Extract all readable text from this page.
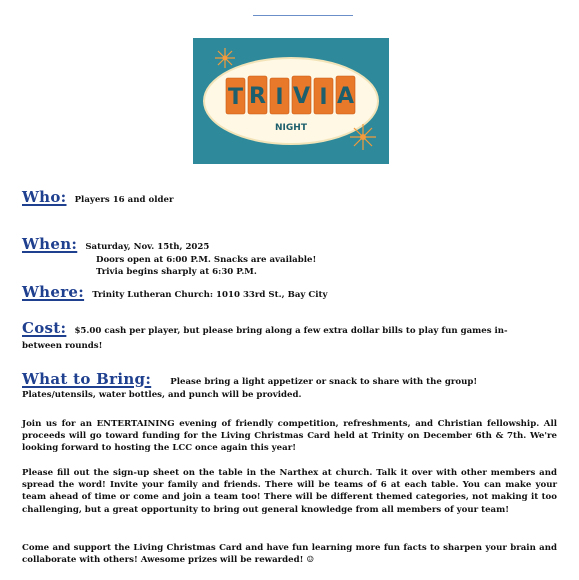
T R I V I A
NIGHT
Who: Players 16 and older
When: Saturday, Nov. 15th, 2025
Doors open at 6:00 P.M. Snacks are available!
Trivia begins sharply at 6:30 P.M.
Where: Trinity Lutheran Church: 1010 33rd St., Bay City
Cost: $5.00 cash per player, but please bring along a few extra dollar bills to play fun games in-
between rounds!
What to Bring: Please bring a light appetizer or snack to share with the group!
Plates/utensils, water bottles, and punch will be provided.
Join us for an ENTERTAINING evening of friendly competition, refreshments, and Christian fellowship. All proceeds will go toward funding for the Living Christmas Card held at Trinity on December 6th & 7th. We're looking forward to hosting the LCC once again this year!
Please fill out the sign-up sheet on the table in the Narthex at church. Talk it over with other members and spread the word! Invite your family and friends. There will be teams of 6 at each table. You can make your team ahead of time or come and join a team too! There will be different themed categories, not making it too challenging, but a great opportunity to bring out general knowledge from all members of your team!
Come and support the Living Christmas Card and have fun learning more fun facts to sharpen your brain and collaborate with others! Awesome prizes will be rewarded! ☺
